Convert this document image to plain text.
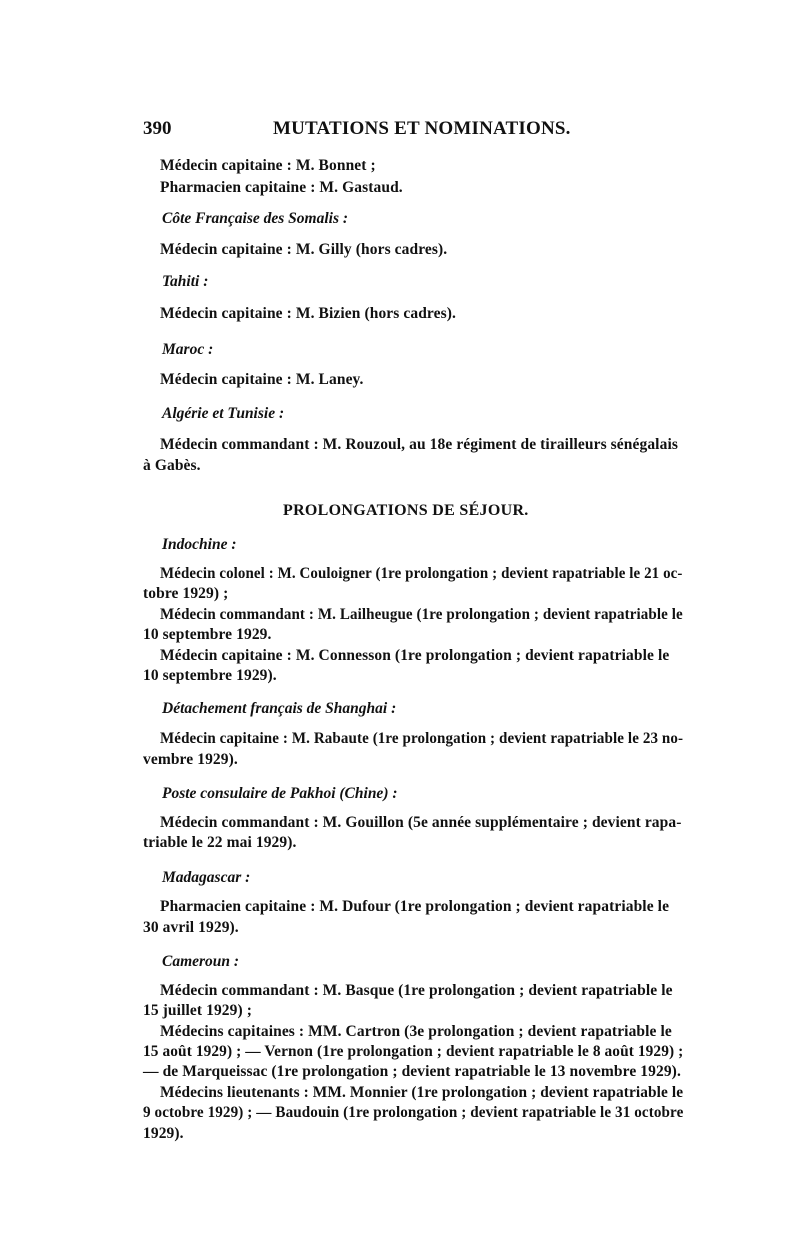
390	MUTATIONS ET NOMINATIONS.
Médecin capitaine : M. Bonnet ;
Pharmacien capitaine : M. Gastaud.
Côte Française des Somalis :
Médecin capitaine : M. Gilly (hors cadres).
Tahiti :
Médecin capitaine : M. Bizien (hors cadres).
Maroc :
Médecin capitaine : M. Laney.
Algérie et Tunisie :
Médecin commandant : M. Rouzoul, au 18e régiment de tirailleurs sénégalais
à Gabès.
PROLONGATIONS DE SÉJOUR.
Indochine :
Médecin colonel : M. Couloigner (1re prolongation ; devient rapatriable le 21 oc-
tobre 1929) ;
Médecin commandant : M. Lailheugue (1re prolongation ; devient rapatriable le
10 septembre 1929.
Médecin capitaine : M. Connesson (1re prolongation ; devient rapatriable le
10 septembre 1929).
Détachement français de Shanghai :
Médecin capitaine : M. Rabaute (1re prolongation ; devient rapatriable le 23 no-
vembre 1929).
Poste consulaire de Pakhoi (Chine) :
Médecin commandant : M. Gouillon (5e année supplémentaire ; devient rapa-
triable le 22 mai 1929).
Madagascar :
Pharmacien capitaine : M. Dufour (1re prolongation ; devient rapatriable le
30 avril 1929).
Cameroun :
Médecin commandant : M. Basque (1re prolongation ; devient rapatriable le
15 juillet 1929) ;
Médecins capitaines : MM. Cartron (3e prolongation ; devient rapatriable le
15 août 1929) ; — Vernon (1re prolongation ; devient rapatriable le 8 août 1929) ;
— de Marqueissac (1re prolongation ; devient rapatriable le 13 novembre 1929).
Médecins lieutenants : MM. Monnier (1re prolongation ; devient rapatriable le
9 octobre 1929) ; — Baudouin (1re prolongation ; devient rapatriable le 31 octobre
1929).
